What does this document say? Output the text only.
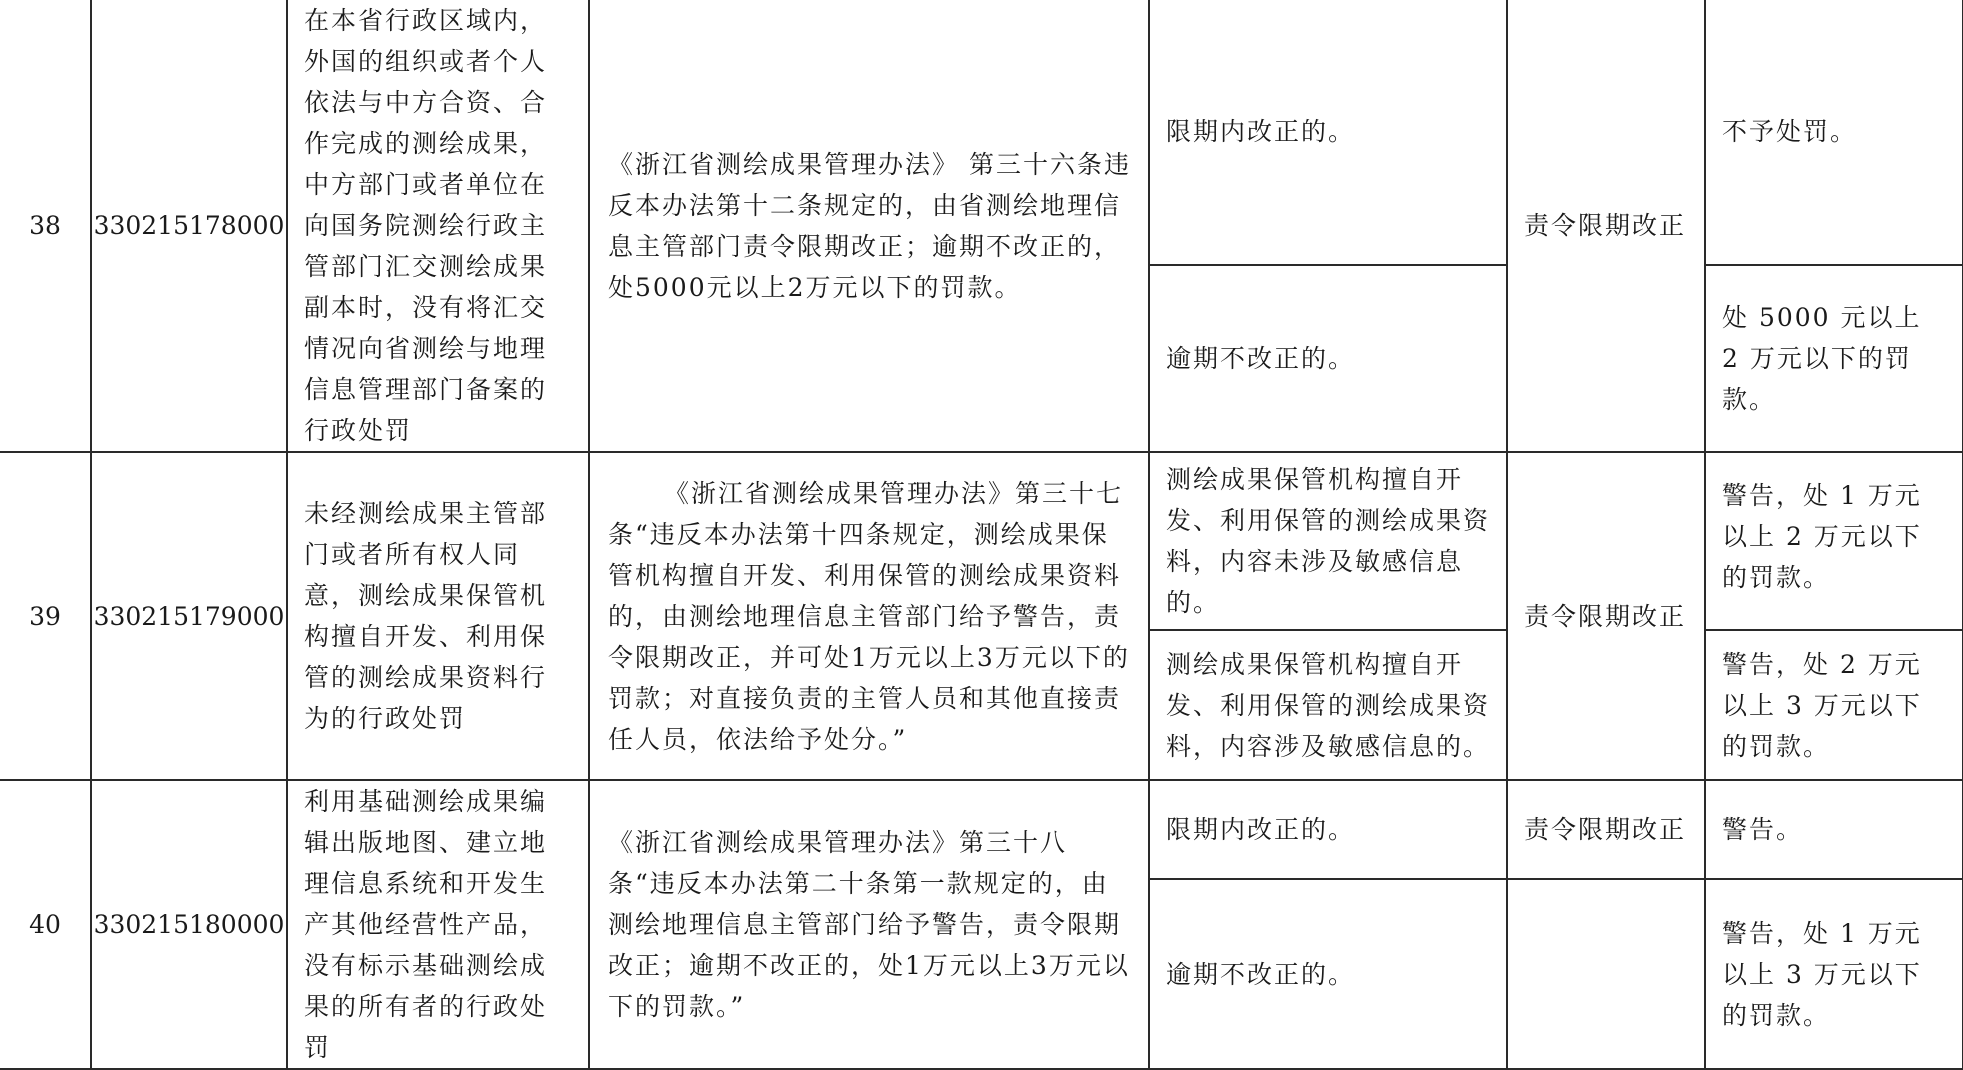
38	330215178000	在本省行政区域内，外国的组织或者个人依法与中方合资、合作完成的测绘成果，中方部门或者单位在向国务院测绘行政主管部门汇交测绘成果副本时，没有将汇交情况向省测绘与地理信息管理部门备案的行政处罚	《浙江省测绘成果管理办法》 第三十六条违反本办法第十二条规定的，由省测绘地理信息主管部门责令限期改正；逾期不改正的，处5000元以上2万元以下的罚款。	限期内改正的。	责令限期改正	不予处罚。
				逾期不改正的。		处 5000 元以上 2 万元以下的罚款。
39	330215179000	未经测绘成果主管部门或者所有权人同意，测绘成果保管机构擅自开发、利用保管的测绘成果资料行为的行政处罚	《浙江省测绘成果管理办法》第三十七条“违反本办法第十四条规定，测绘成果保管机构擅自开发、利用保管的测绘成果资料的，由测绘地理信息主管部门给予警告，责令限期改正，并可处1万元以上3万元以下的罚款；对直接负责的主管人员和其他直接责任人员，依法给予处分。”	测绘成果保管机构擅自开发、利用保管的测绘成果资料，内容未涉及敏感信息的。	责令限期改正	警告，处 1 万元以上 2 万元以下的罚款。
				测绘成果保管机构擅自开发、利用保管的测绘成果资料，内容涉及敏感信息的。		警告，处 2 万元以上 3 万元以下的罚款。
40	330215180000	利用基础测绘成果编辑出版地图、建立地理信息系统和开发生产其他经营性产品，没有标示基础测绘成果的所有者的行政处罚	《浙江省测绘成果管理办法》第三十八条“违反本办法第二十条第一款规定的，由测绘地理信息主管部门给予警告，责令限期改正；逾期不改正的，处1万元以上3万元以下的罚款。”	限期内改正的。	责令限期改正	警告。
				逾期不改正的。		警告，处 1 万元以上 3 万元以下的罚款。
